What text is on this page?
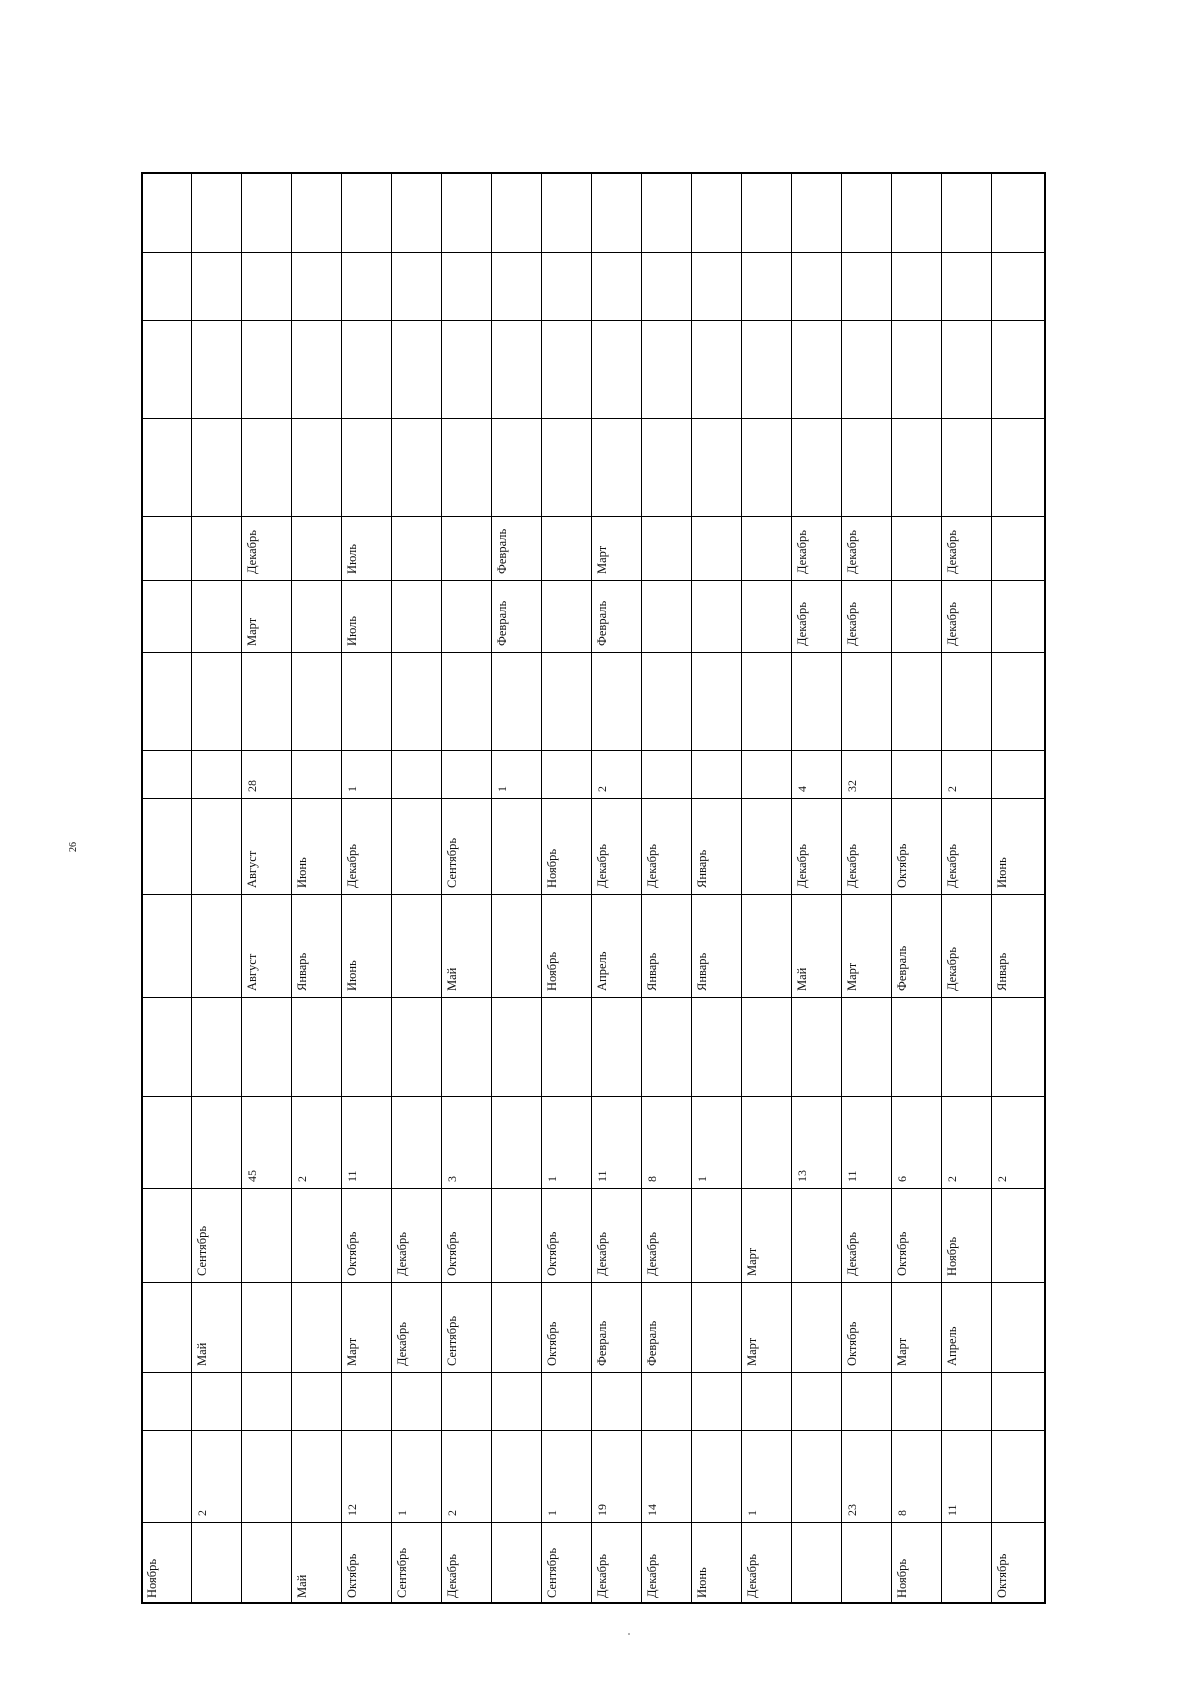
26
Ноябрь
Сентябрь
Май
2
Декабрь
Март
28
Август
Август
45
Июнь
Январь
2
Май
Июль
Июль
1
Декабрь
Июнь
11
Октябрь
Март
12
Октябрь
Декабрь
Декабрь
1
Сентябрь
Сентябрь
Май
3
Октябрь
Сентябрь
2
Декабрь
Февраль
Февраль
1
Ноябрь
Ноябрь
1
Октябрь
Октябрь
1
Сентябрь
Март
Февраль
2
Декабрь
Апрель
11
Декабрь
Февраль
19
Декабрь
Декабрь
Январь
8
Декабрь
Февраль
14
Декабрь
Январь
Январь
1
Июнь
Март
Март
1
Декабрь
Декабрь
Декабрь
4
Декабрь
Май
13
Декабрь
Декабрь
32
Декабрь
Март
11
Декабрь
Октябрь
23
Октябрь
Февраль
6
Октябрь
Март
8
Ноябрь
Декабрь
Декабрь
2
Декабрь
Декабрь
2
Ноябрь
Апрель
11
Июнь
Январь
2
Октябрь
